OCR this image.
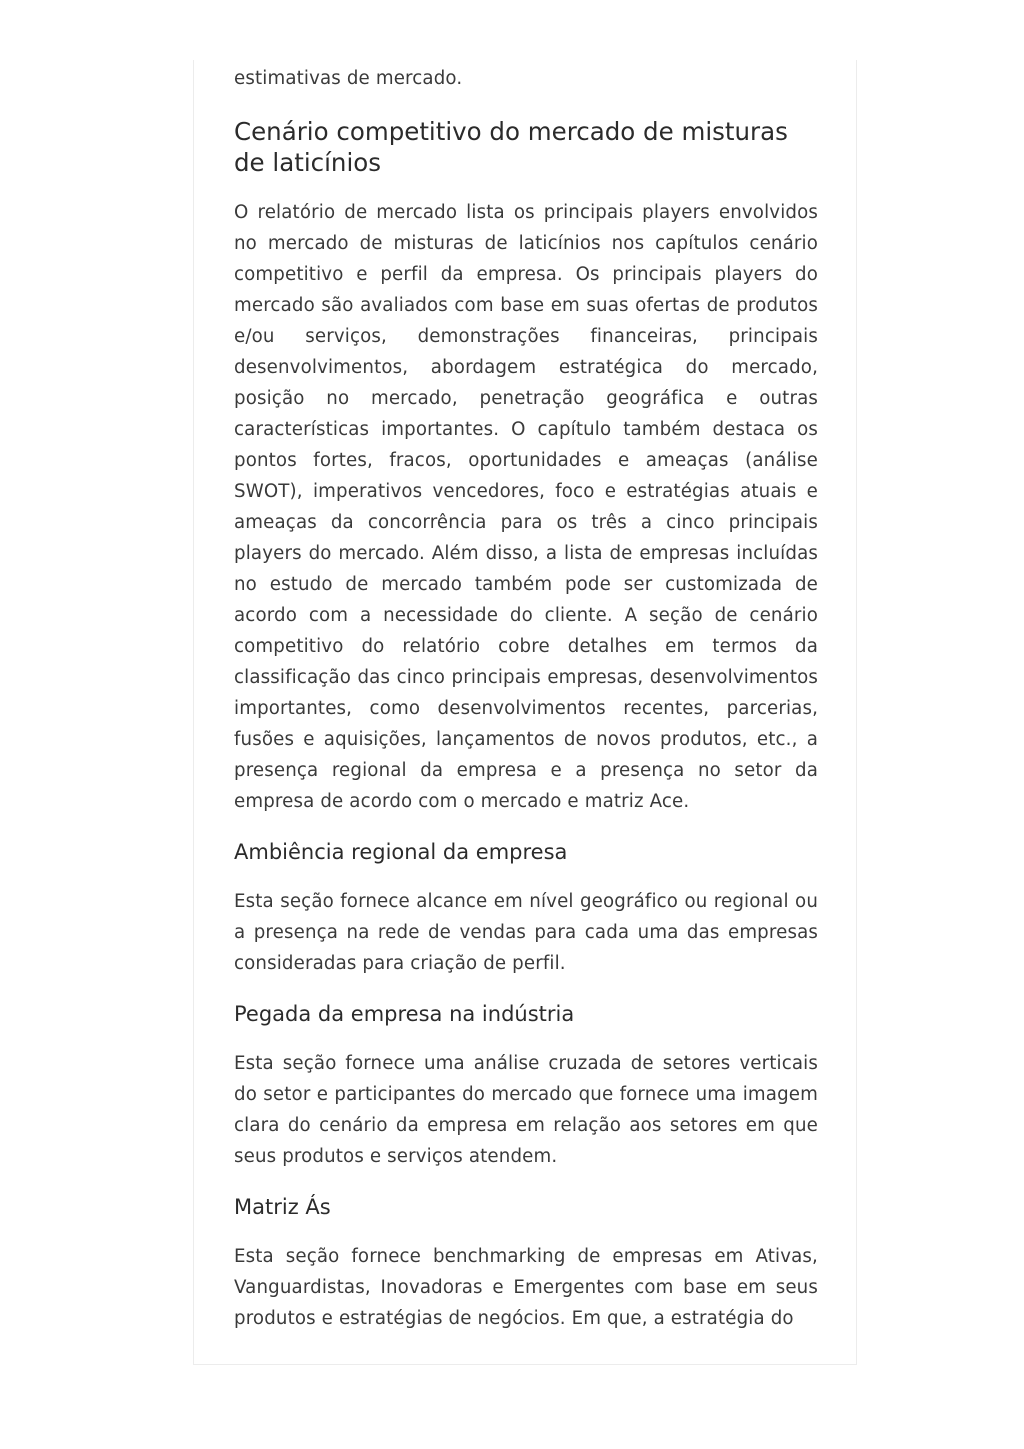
estimativas de mercado.

Cenário competitivo do mercado de misturas de laticínios

O relatório de mercado lista os principais players envolvidos no mercado de misturas de laticínios nos capítulos cenário competitivo e perfil da empresa. Os principais players do mercado são avaliados com base em suas ofertas de produtos e/ou serviços, demonstrações financeiras, principais desenvolvimentos, abordagem estratégica do mercado, posição no mercado, penetração geográfica e outras características importantes. O capítulo também destaca os pontos fortes, fracos, oportunidades e ameaças (análise SWOT), imperativos vencedores, foco e estratégias atuais e ameaças da concorrência para os três a cinco principais players do mercado. Além disso, a lista de empresas incluídas no estudo de mercado também pode ser customizada de acordo com a necessidade do cliente. A seção de cenário competitivo do relatório cobre detalhes em termos da classificação das cinco principais empresas, desenvolvimentos importantes, como desenvolvimentos recentes, parcerias, fusões e aquisições, lançamentos de novos produtos, etc., a presença regional da empresa e a presença no setor da empresa de acordo com o mercado e matriz Ace.

Ambiência regional da empresa

Esta seção fornece alcance em nível geográfico ou regional ou a presença na rede de vendas para cada uma das empresas consideradas para criação de perfil.

Pegada da empresa na indústria

Esta seção fornece uma análise cruzada de setores verticais do setor e participantes do mercado que fornece uma imagem clara do cenário da empresa em relação aos setores em que seus produtos e serviços atendem.

Matriz Ás

Esta seção fornece benchmarking de empresas em Ativas, Vanguardistas, Inovadoras e Emergentes com base em seus produtos e estratégias de negócios. Em que, a estratégia do
